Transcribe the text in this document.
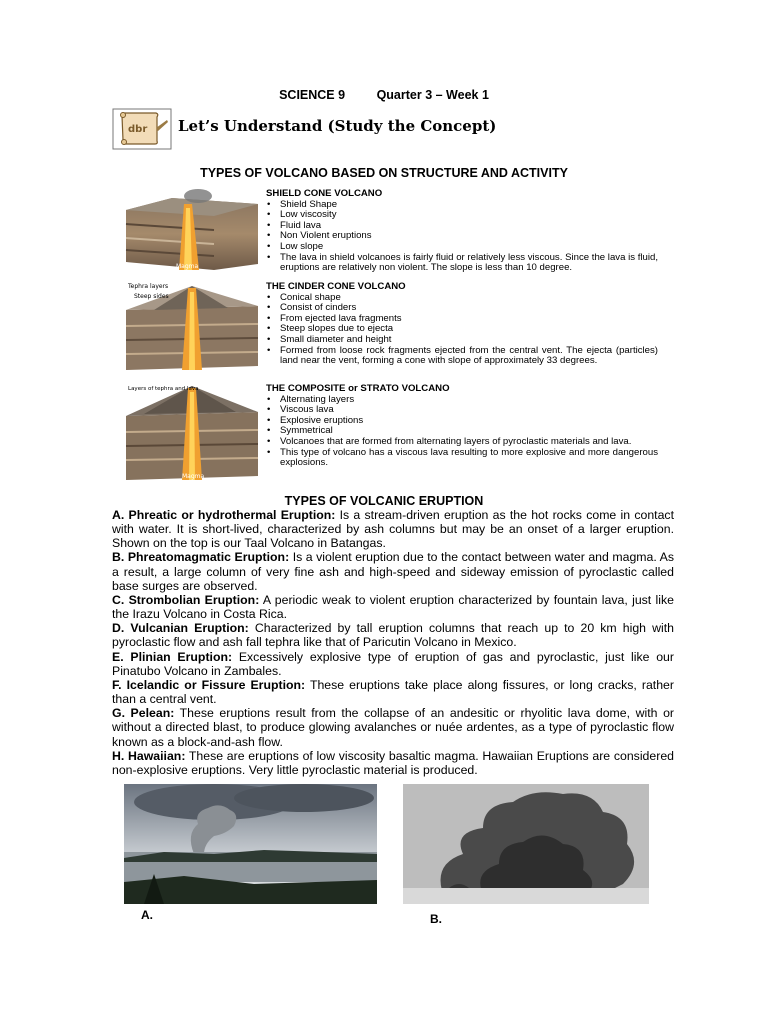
SCIENCE 9	Quarter 3 – Week 1
dbr Let’s Understand (Study the Concept)
TYPES OF VOLCANO BASED ON STRUCTURE AND ACTIVITY
Vent
Magma
SHIELD CONE VOLCANO
• Shield Shape
• Low viscosity
• Fluid lava
• Non Violent eruptions
• Low slope
• The lava in shield volcanoes is fairly fluid or relatively less viscous. Since the lava is fluid, eruptions are relatively non violent. The slope is less than 10 degree.
Tephra layers
Steep sides
THE CINDER CONE VOLCANO
• Conical shape
• Consist of cinders
• From ejected lava fragments
• Steep slopes due to ejecta
• Small diameter and height
• Formed from loose rock fragments ejected from the central vent. The ejecta (particles) land near the vent, forming a cone with slope of approximately 33 degrees.
Layers of tephra and lava
Magma
THE COMPOSITE or STRATO VOLCANO
• Alternating layers
• Viscous lava
• Explosive eruptions
• Symmetrical
• Volcanoes that are formed from alternating layers of pyroclastic materials and lava.
• This type of volcano has a viscous lava resulting to more explosive and more dangerous explosions.
TYPES OF VOLCANIC ERUPTION

A. Phreatic or hydrothermal Eruption: Is a stream-driven eruption as the hot rocks come in contact with water. It is short-lived, characterized by ash columns but may be an onset of a larger eruption. Shown on the top is our Taal Volcano in Batangas.

B. Phreatomagmatic Eruption: Is a violent eruption due to the contact between water and magma. As a result, a large column of very fine ash and high-speed and sideway emission of pyroclastic called base surges are observed.

C. Strombolian Eruption: A periodic weak to violent eruption characterized by fountain lava, just like the Irazu Volcano in Costa Rica.

D. Vulcanian Eruption: Characterized by tall eruption columns that reach up to 20 km high with pyroclastic flow and ash fall tephra like that of Paricutin Volcano in Mexico.

E. Plinian Eruption: Excessively explosive type of eruption of gas and pyroclastic, just like our Pinatubo Volcano in Zambales.

F. Icelandic or Fissure Eruption: These eruptions take place along fissures, or long cracks, rather than a central vent.

G. Pelean: These eruptions result from the collapse of an andesitic or rhyolitic lava dome, with or without a directed blast, to produce glowing avalanches or nuée ardentes, as a type of pyroclastic flow known as a block-and-ash flow.

H. Hawaiian: These are eruptions of low viscosity basaltic magma. Hawaiian Eruptions are considered non-explosive eruptions. Very little pyroclastic material is produced.

A.	B.
